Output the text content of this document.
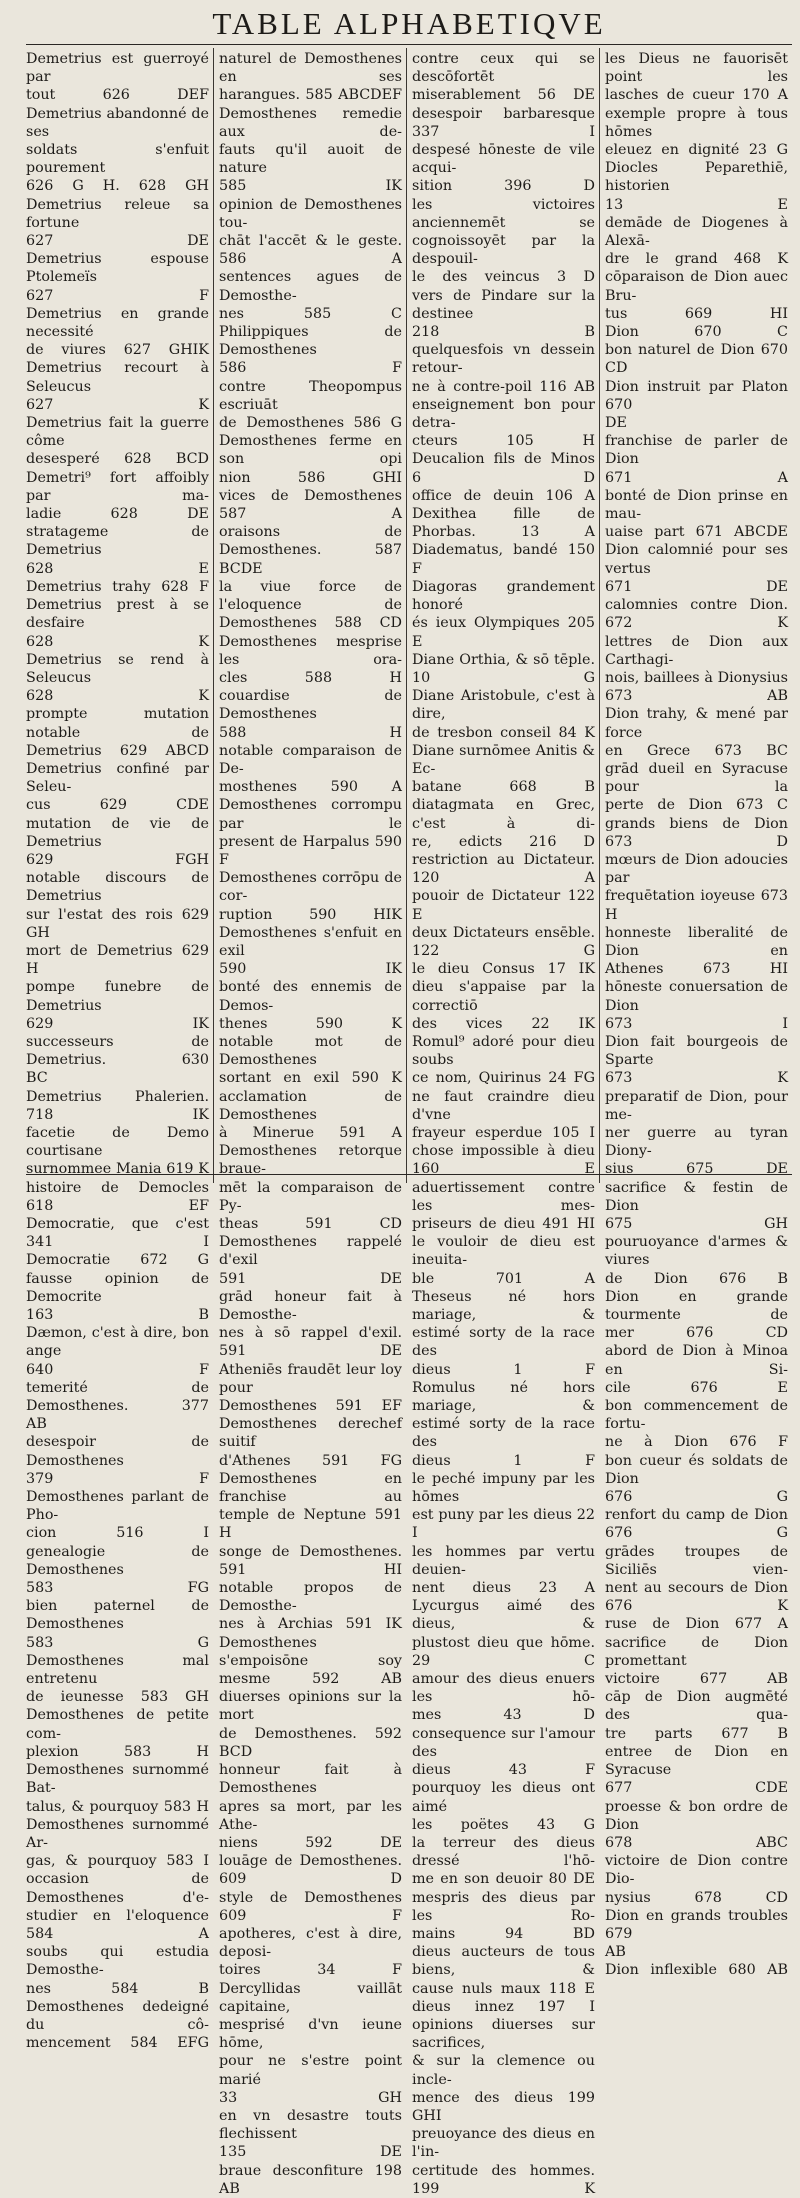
TABLE ALPHABETIQVE

Demetrius est guerroyé par

tout 626 DEF

Demetrius abandonné de ses

soldats s'enfuit pourement

626 G H. 628 GH

Demetrius releue sa fortune

627 DE

Demetrius espouse Ptolemeïs

627 F

Demetrius en grande necessité

de viures 627 GHIK

Demetrius recourt à Seleucus

627 K

Demetrius fait la guerre côme

desesperé 628 BCD

Demetri⁹ fort affoibly par ma-

ladie 628 DE

stratageme de Demetrius

628 E

Demetrius trahy 628 F

Demetrius prest à se desfaire

628 K

Demetrius se rend à Seleucus

628 K

prompte mutation notable de

Demetrius 629 ABCD

Demetrius confiné par Seleu-

cus 629 CDE

mutation de vie de Demetrius

629 FGH

notable discours de Demetrius

sur l'estat des rois 629 GH

mort de Demetrius 629 H

pompe funebre de Demetrius

629 IK

successeurs de Demetrius. 630

BC

Demetrius Phalerien. 718 IK

facetie de Demo courtisane

surnommee Mania 619 K

histoire de Democles 618 EF

Democratie, que c'est 341 I

Democratie 672 G

fausse opinion de Democrite

163 B

Dæmon, c'est à dire, bon ange

640 F

temerité de Demosthenes. 377

AB

desespoir de Demosthenes

379 F

Demosthenes parlant de Pho-

cion 516 I

genealogie de Demosthenes

583 FG

bien paternel de Demosthenes

583 G

Demosthenes mal entretenu

de ieunesse 583 GH

Demosthenes de petite com-

plexion 583 H

Demosthenes surnommé Bat-

talus, & pourquoy 583 H

Demosthenes surnommé Ar-

gas, & pourquoy 583 I

occasion de Demosthenes d'e-

studier en l'eloquence

584 A

soubs qui estudia Demosthe-

nes 584 B

Demosthenes dedeigné du cô-

mencement 584 EFG

naturel de Demosthenes en ses

harangues. 585 ABCDEF

Demosthenes remedie aux de-

fauts qu'il auoit de nature

585 IK

opinion de Demosthenes tou-

chāt l'accēt & le geste. 586 A

sentences agues de Demosthe-

nes 585 C

Philippiques de Demosthenes

586 F

contre Theopompus escriuāt

de Demosthenes 586 G

Demosthenes ferme en son opi

nion 586 GHI

vices de Demosthenes 587 A

oraisons de Demosthenes. 587

BCDE

la viue force de l'eloquence de

Demosthenes 588 CD

Demosthenes mesprise les ora-

cles 588 H

couardise de Demosthenes

588 H

notable comparaison de De-

mosthenes 590 A

Demosthenes corrompu par le

present de Harpalus 590 F

Demosthenes corrōpu de cor-

ruption 590 HIK

Demosthenes s'enfuit en exil

590 IK

bonté des ennemis de Demos-

thenes 590 K

notable mot de Demosthenes

sortant en exil 590 K

acclamation de Demosthenes

à Minerue 591 A

Demosthenes retorque braue-

mēt la comparaison de Py-

theas 591 CD

Demosthenes rappelé d'exil

591 DE

grād honeur fait à Demosthe-

nes à sō rappel d'exil. 591 DE

Atheniēs fraudēt leur loy pour

Demosthenes 591 EF

Demosthenes derechef suitif

d'Athenes 591 FG

Demosthenes en franchise au

temple de Neptune 591 H

songe de Demosthenes. 591 HI

notable propos de Demosthe-

nes à Archias 591 IK

Demosthenes s'empoisōne soy

mesme 592 AB

diuerses opinions sur la mort

de Demosthenes. 592 BCD

honneur fait à Demosthenes

apres sa mort, par les Athe-

niens 592 DE

louāge de Demosthenes. 609 D

style de Demosthenes 609 F

apotheres, c'est à dire, deposi-

toires 34 F

Dercyllidas vaillāt capitaine,

mesprisé d'vn ieune hōme,

pour ne s'estre point marié

33 GH

en vn desastre touts flechissent

135 DE

braue desconfiture 198 AB

contre ceux qui se descōfortēt

miserablement 56 DE

desespoir barbaresque 337 I

despesé hōneste de vile acqui-

sition 396 D

les victoires anciennemēt se

cognoissoyēt par la despouil-

le des veincus 3 D

vers de Pindare sur la destinee

218 B

quelquesfois vn dessein retour-

ne à contre-poil 116 AB

enseignement bon pour detra-

cteurs 105 H

Deucalion fils de Minos 6 D

office de deuin 106 A

Dexithea fille de Phorbas. 13 A

Diadematus, bandé 150 F

Diagoras grandement honoré

és ieux Olympiques 205 E

Diane Orthia, & sō tēple. 10 G

Diane Aristobule, c'est à dire,

de tresbon conseil 84 K

Diane surnōmee Anitis & Ec-

batane 668 B

diatagmata en Grec, c'est à di-

re, edicts 216 D

restriction au Dictateur. 120 A

pouoir de Dictateur 122 E

deux Dictateurs ensēble. 122 G

le dieu Consus 17 IK

dieu s'appaise par la correctiō

des vices 22 IK

Romul⁹ adoré pour dieu soubs

ce nom, Quirinus 24 FG

ne faut craindre dieu d'vne

frayeur esperdue 105 I

chose impossible à dieu 160 E

aduertissement contre les mes-

priseurs de dieu 491 HI

le vouloir de dieu est ineuita-

ble 701 A

Theseus né hors mariage, &

estimé sorty de la race des

dieus 1 F

Romulus né hors mariage, &

estimé sorty de la race des

dieus 1 F

le peché impuny par les hōmes

est puny par les dieus 22 I

les hommes par vertu deuien-

nent dieus 23 A

Lycurgus aimé des dieus, &

plustost dieu que hōme. 29 C

amour des dieus enuers les hō-

mes 43 D

consequence sur l'amour des

dieus 43 F

pourquoy les dieus ont aimé

les poëtes 43 G

la terreur des dieus dressé l'hō-

me en son deuoir 80 DE

mespris des dieus par les Ro-

mains 94 BD

dieus aucteurs de tous biens, &

cause nuls maux 118 E

dieus innez 197 I

opinions diuerses sur sacrifices,

& sur la clemence ou incle-

mence des dieus 199 GHI

preuoyance des dieus en l'in-

certitude des hommes. 199 K

les Dieus ne fauorisēt point les

lasches de cueur 170 A

exemple propre à tous hōmes

eleuez en dignité 23 G

Diocles Peparethiē, historien

13 E

demāde de Diogenes à Alexā-

dre le grand 468 K

cōparaison de Dion auec Bru-

tus 669 HI

Dion 670 C

bon naturel de Dion 670

CD

Dion instruit par Platon 670

DE

franchise de parler de Dion

671 A

bonté de Dion prinse en mau-

uaise part 671 ABCDE

Dion calomnié pour ses vertus

671 DE

calomnies contre Dion. 672 K

lettres de Dion aux Carthagi-

nois, baillees à Dionysius

673 AB

Dion trahy, & mené par force

en Grece 673 BC

grād dueil en Syracuse pour la

perte de Dion 673 C

grands biens de Dion 673 D

mœurs de Dion adoucies par

frequētation ioyeuse 673 H

honneste liberalité de Dion en

Athenes 673 HI

hōneste conuersation de Dion

673 I

Dion fait bourgeois de Sparte

673 K

preparatif de Dion, pour me-

ner guerre au tyran Diony-

sius 675 DE

sacrifice & festin de Dion

675 GH

pouruoyance d'armes & viures

de Dion 676 B

Dion en grande tourmente de

mer 676 CD

abord de Dion à Minoa en Si-

cile 676 E

bon commencement de fortu-

ne à Dion 676 F

bon cueur és soldats de Dion

676 G

renfort du camp de Dion

676 G

grādes troupes de Siciliēs vien-

nent au secours de Dion

676 K

ruse de Dion 677 A

sacrifice de Dion promettant

victoire 677 AB

cāp de Dion augmēté des qua-

tre parts 677 B

entree de Dion en Syracuse

677 CDE

proesse & bon ordre de Dion

678 ABC

victoire de Dion contre Dio-

nysius 678 CD

Dion en grands troubles 679

AB

Dion inflexible 680 AB
